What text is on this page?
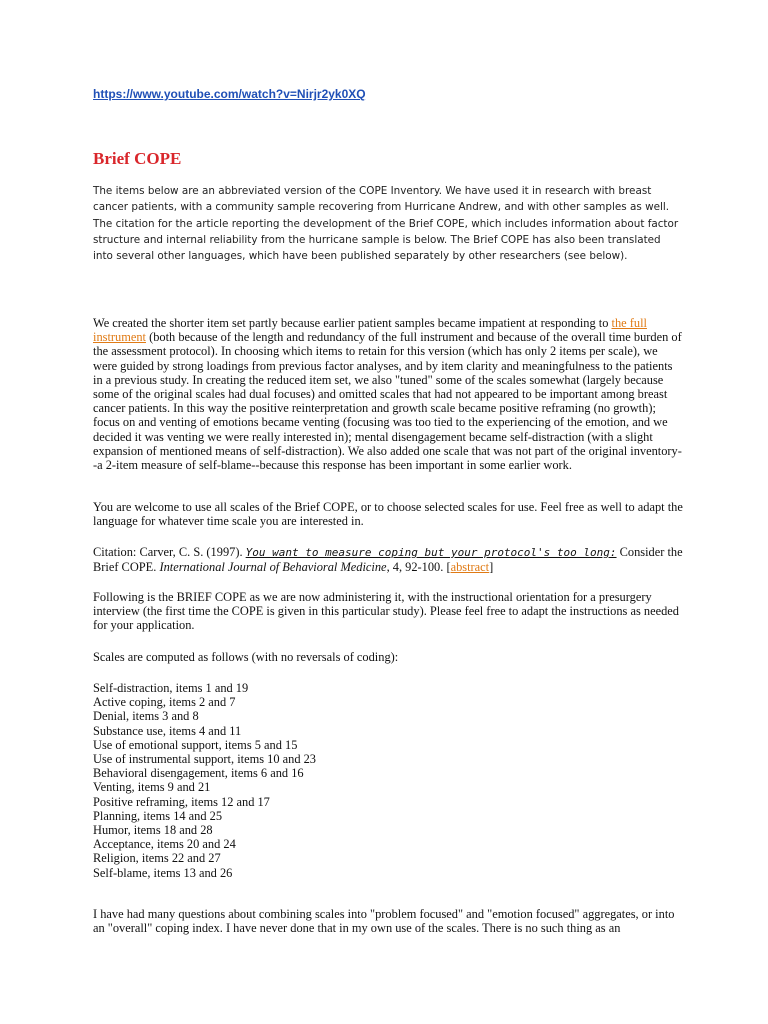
https://www.youtube.com/watch?v=Nirjr2yk0XQ
Brief COPE

The items below are an abbreviated version of the COPE Inventory. We have used it in research with breast cancer patients, with a community sample recovering from Hurricane Andrew, and with other samples as well. The citation for the article reporting the development of the Brief COPE, which includes information about factor structure and internal reliability from the hurricane sample is below. The Brief COPE has also been translated into several other languages, which have been published separately by other researchers (see below).

We created the shorter item set partly because earlier patient samples became impatient at responding to the full instrument (both because of the length and redundancy of the full instrument and because of the overall time burden of the assessment protocol). In choosing which items to retain for this version (which has only 2 items per scale), we were guided by strong loadings from previous factor analyses, and by item clarity and meaningfulness to the patients in a previous study. In creating the reduced item set, we also "tuned" some of the scales somewhat (largely because some of the original scales had dual focuses) and omitted scales that had not appeared to be important among breast cancer patients. In this way the positive reinterpretation and growth scale became positive reframing (no growth); focus on and venting of emotions became venting (focusing was too tied to the experiencing of the emotion, and we decided it was venting we were really interested in); mental disengagement became self-distraction (with a slight expansion of mentioned means of self-distraction). We also added one scale that was not part of the original inventory--a 2-item measure of self-blame--because this response has been important in some earlier work.

You are welcome to use all scales of the Brief COPE, or to choose selected scales for use. Feel free as well to adapt the language for whatever time scale you are interested in.

Citation: Carver, C. S. (1997). You want to measure coping but your protocol's too long: Consider the Brief COPE. International Journal of Behavioral Medicine, 4, 92-100. [abstract]

Following is the BRIEF COPE as we are now administering it, with the instructional orientation for a presurgery interview (the first time the COPE is given in this particular study). Please feel free to adapt the instructions as needed for your application.

Scales are computed as follows (with no reversals of coding):

Self-distraction, items 1 and 19
Active coping, items 2 and 7
Denial, items 3 and 8
Substance use, items 4 and 11
Use of emotional support, items 5 and 15
Use of instrumental support, items 10 and 23
Behavioral disengagement, items 6 and 16
Venting, items 9 and 21
Positive reframing, items 12 and 17
Planning, items 14 and 25
Humor, items 18 and 28
Acceptance, items 20 and 24
Religion, items 22 and 27
Self-blame, items 13 and 26

I have had many questions about combining scales into "problem focused" and "emotion focused" aggregates, or into an "overall" coping index. I have never done that in my own use of the scales. There is no such thing as an
